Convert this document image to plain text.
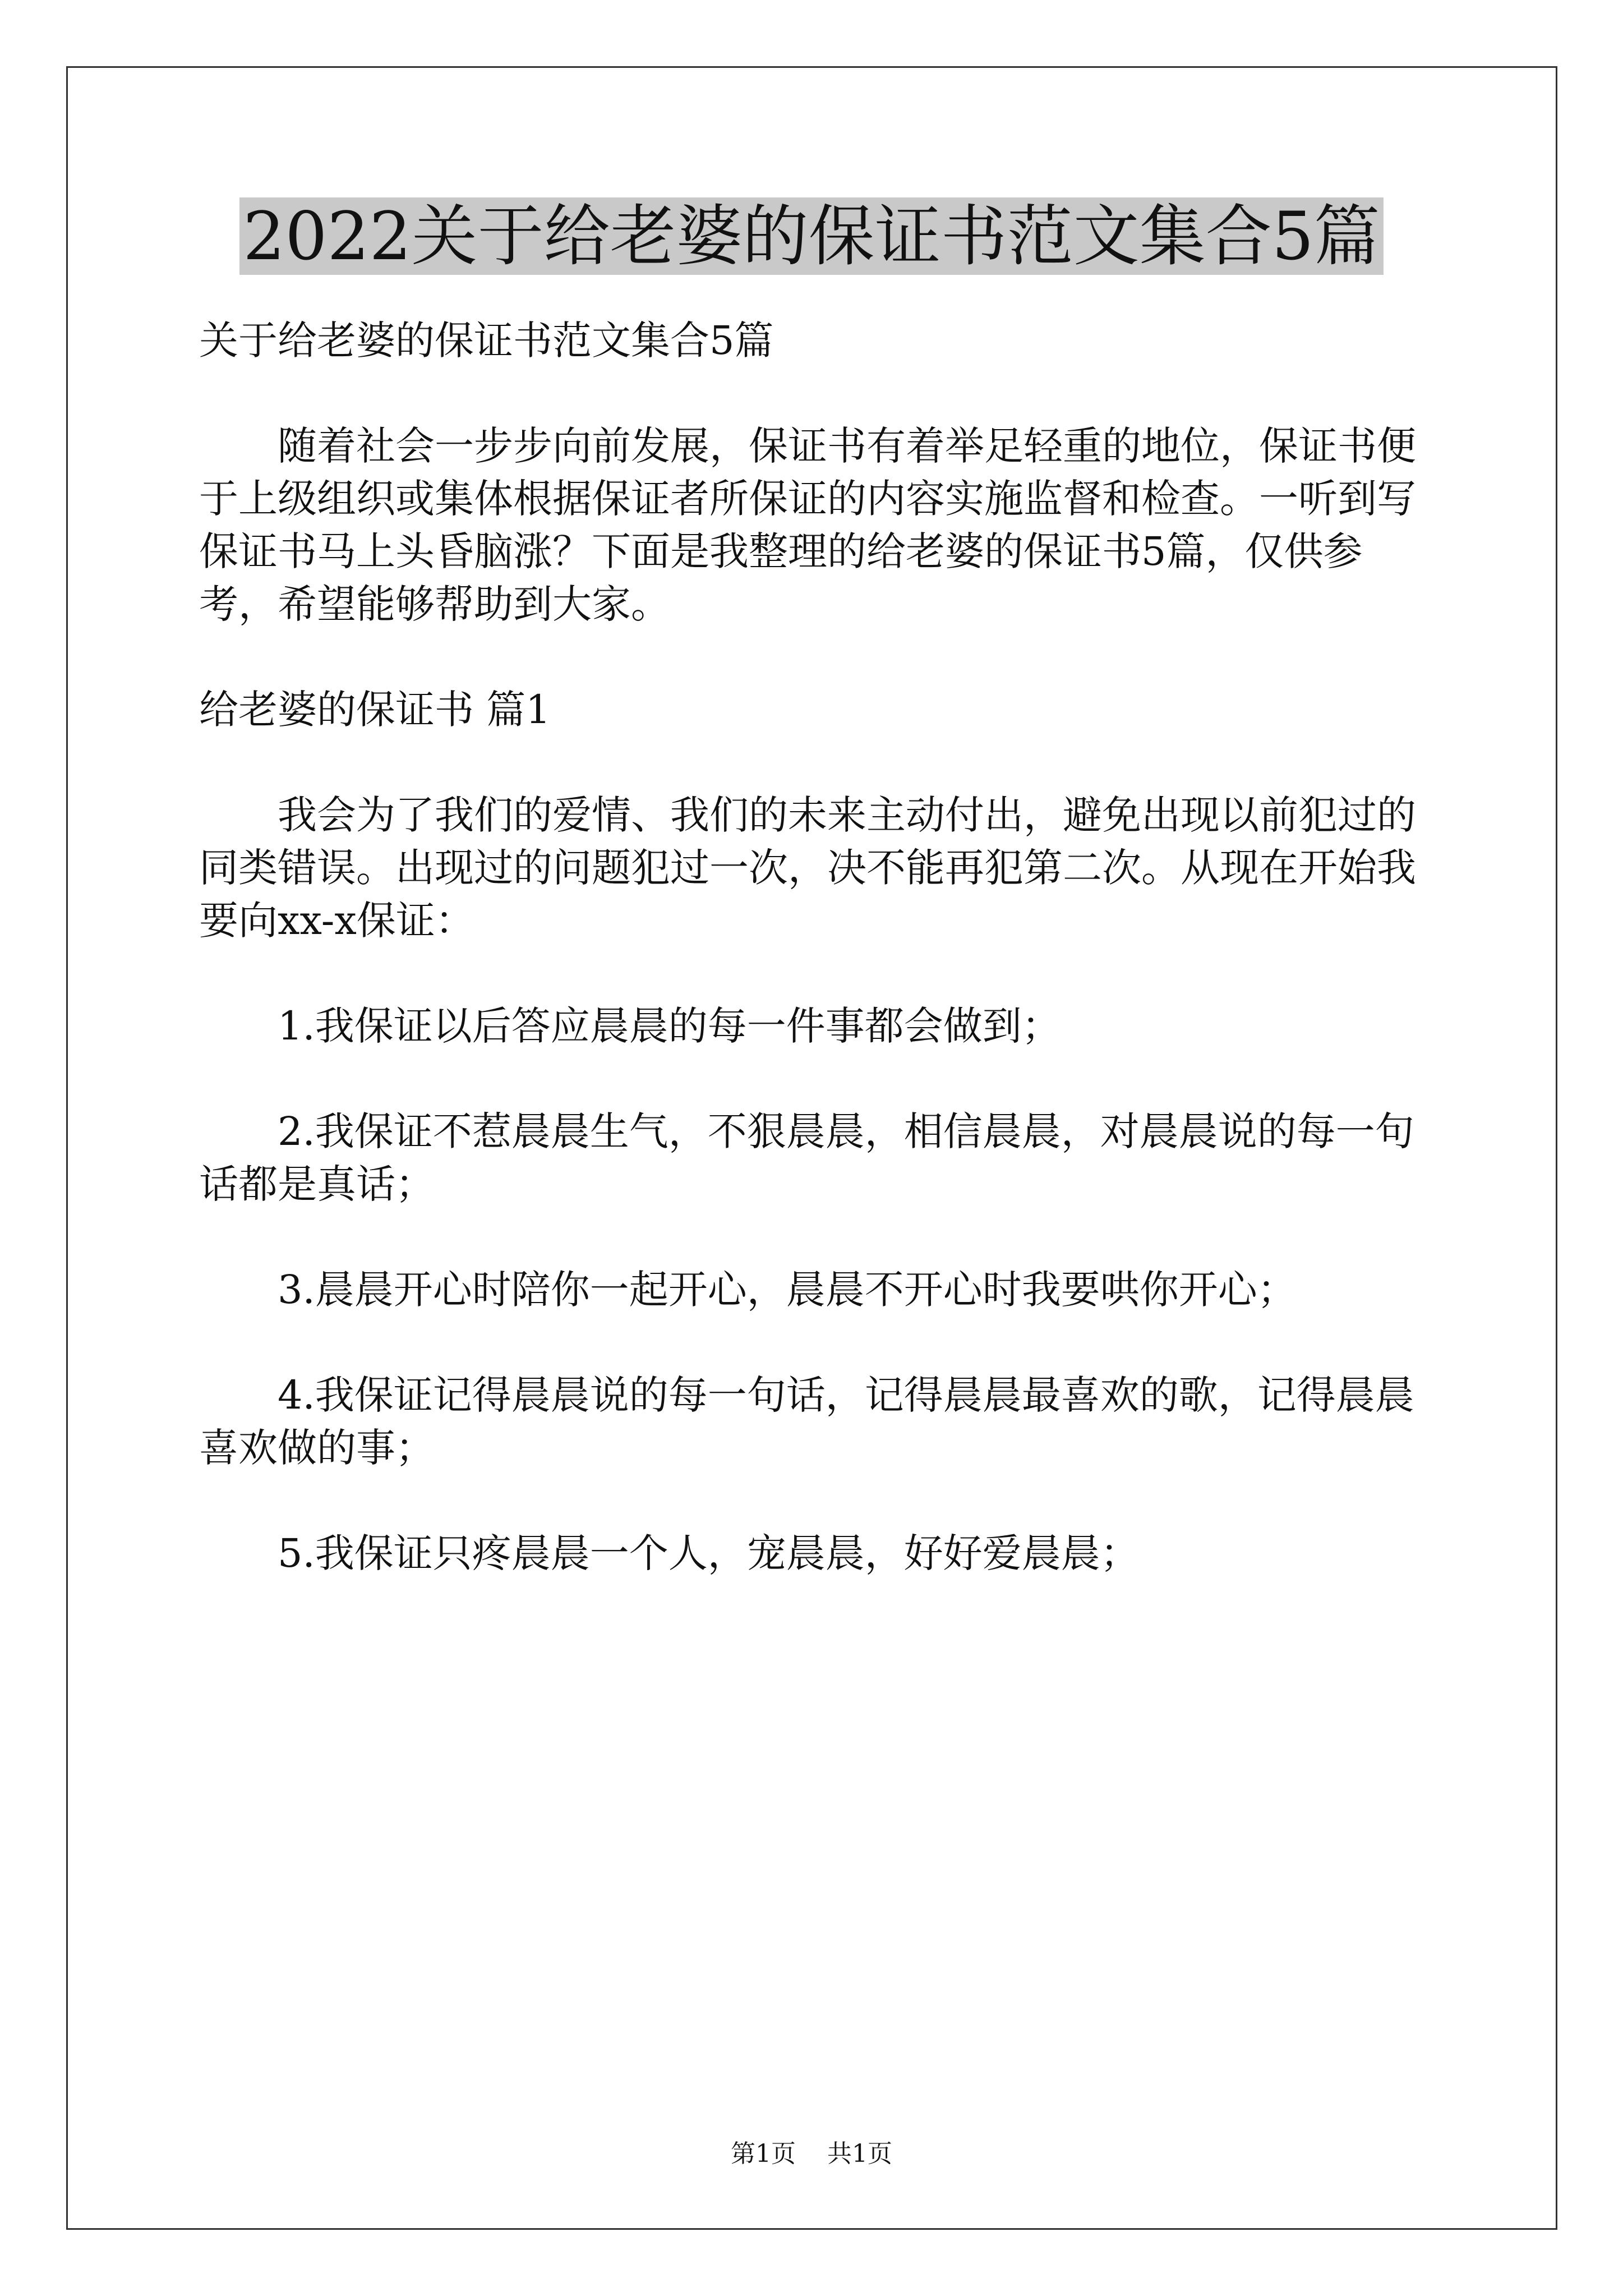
2022关于给老婆的保证书范文集合5篇

关于给老婆的保证书范文集合5篇

随着社会一步步向前发展，保证书有着举足轻重的地位，保证书便于上级组织或集体根据保证者所保证的内容实施监督和检查。一听到写保证书马上头昏脑涨？下面是我整理的给老婆的保证书5篇，仅供参考，希望能够帮助到大家。

给老婆的保证书 篇1

我会为了我们的爱情、我们的未来主动付出，避免出现以前犯过的同类错误。出现过的问题犯过一次，决不能再犯第二次。从现在开始我要向xx-x保证：

1.我保证以后答应晨晨的每一件事都会做到；

2.我保证不惹晨晨生气，不狠晨晨，相信晨晨，对晨晨说的每一句话都是真话；

3.晨晨开心时陪你一起开心，晨晨不开心时我要哄你开心；

4.我保证记得晨晨说的每一句话，记得晨晨最喜欢的歌，记得晨晨喜欢做的事；

5.我保证只疼晨晨一个人，宠晨晨，好好爱晨晨；

第1页 共1页
